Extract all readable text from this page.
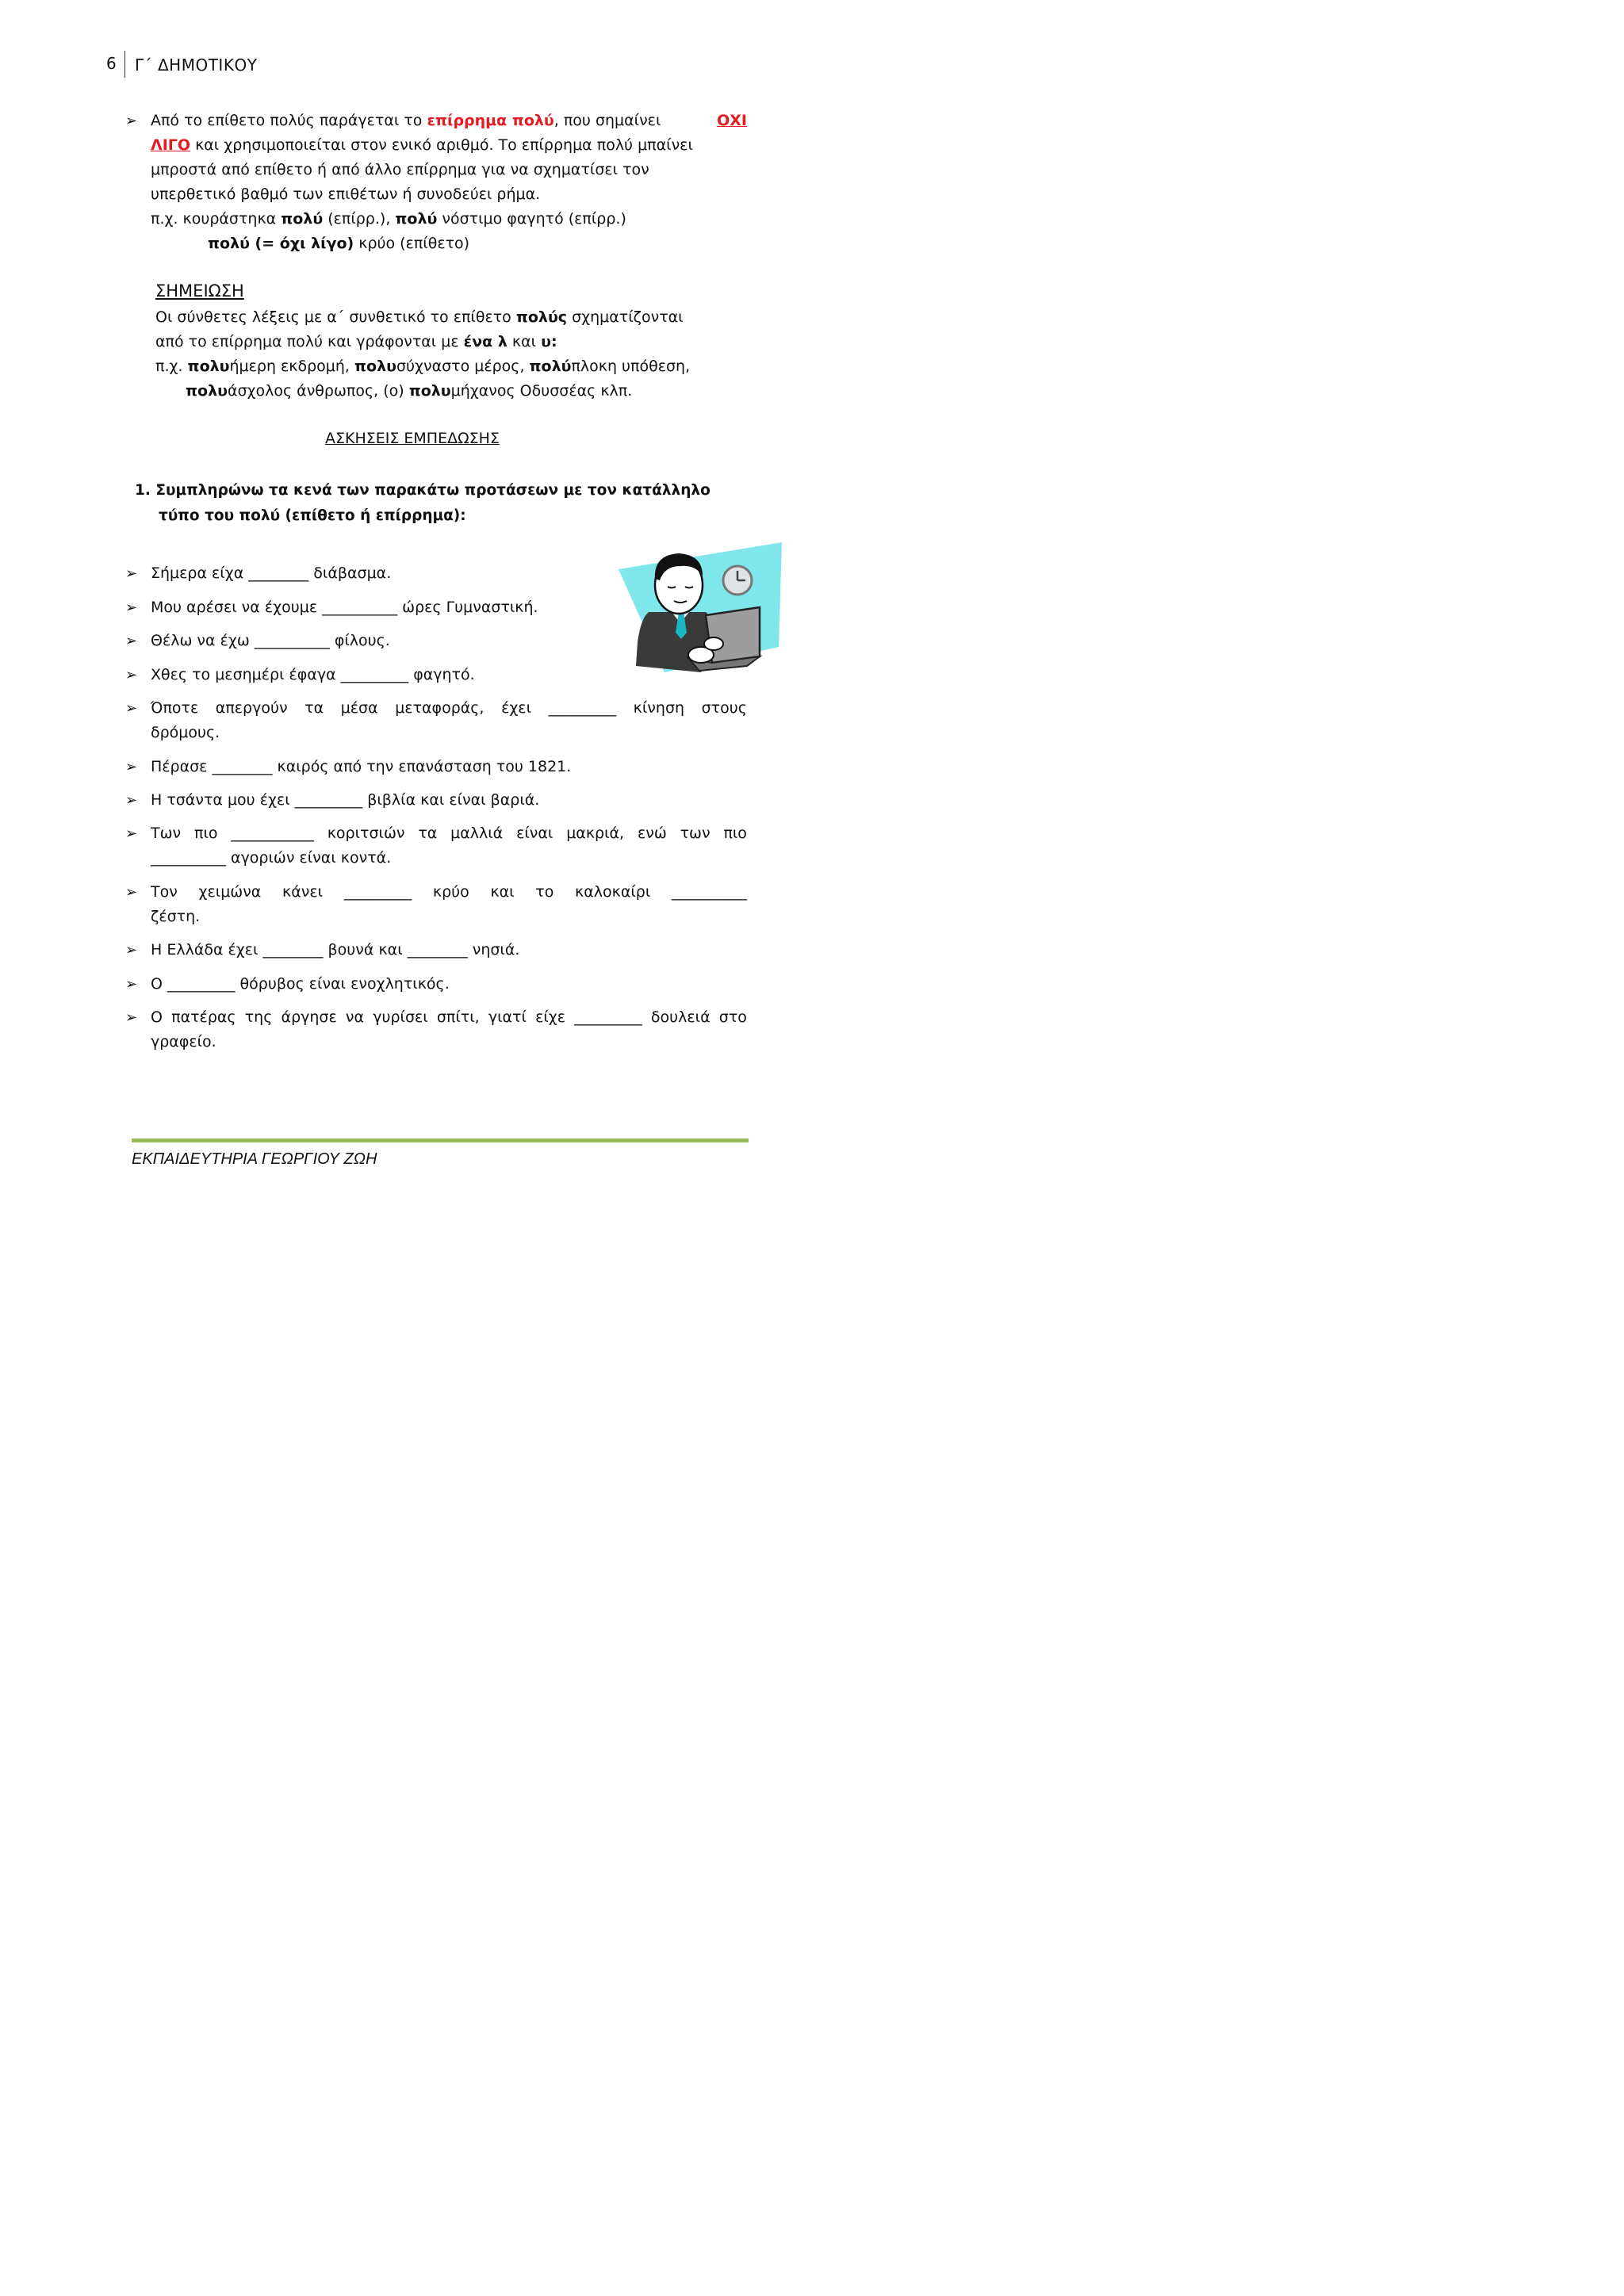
6 Γ΄ ΔΗΜΟΤΙΚΟΥ
➢ Από το επίθετο πολύς παράγεται το επίρρημα πολύ, που σημαίνει	ΟΧΙ
ΛΙΓΟ και χρησιμοποιείται στον ενικό αριθμό. Το επίρρημα πολύ μπαίνει
μπροστά από επίθετο ή από άλλο επίρρημα για να σχηματίσει τον
υπερθετικό βαθμό των επιθέτων ή συνοδεύει ρήμα.
π.χ. κουράστηκα πολύ (επίρρ.), πολύ νόστιμο φαγητό (επίρρ.)
πολύ (= όχι λίγο) κρύο (επίθετο)
ΣΗΜΕΙΩΣΗ
Οι σύνθετες λέξεις με α΄ συνθετικό το επίθετο πολύς σχηματίζονται
από το επίρρημα πολύ και γράφονται με ένα λ και υ:
π.χ. πολυήμερη εκδρομή, πολυσύχναστο μέρος, πολύπλοκη υπόθεση,
πολυάσχολος άνθρωπος, (ο) πολυμήχανος Οδυσσέας κλπ.
ΑΣΚΗΣΕΙΣ ΕΜΠΕΔΩΣΗΣ
1. Συμπληρώνω τα κενά των παρακάτω προτάσεων με τον κατάλληλο
τύπο του πολύ (επίθετο ή επίρρημα):
➢ Σήμερα είχα ________ διάβασμα.
➢ Μου αρέσει να έχουμε __________ ώρες Γυμναστική.
➢ Θέλω να έχω __________ φίλους.
➢ Χθες το μεσημέρι έφαγα _________ φαγητό.
➢ Όποτε απεργούν τα μέσα μεταφοράς, έχει _________ κίνηση στους
δρόμους.
➢ Πέρασε ________ καιρός από την επανάσταση του 1821.
➢ Η τσάντα μου έχει _________ βιβλία και είναι βαριά.
➢ Των πιο ___________ κοριτσιών τα μαλλιά είναι μακριά, ενώ των πιο
__________ αγοριών είναι κοντά.
➢ Τον χειμώνα κάνει _________ κρύο και το καλοκαίρι __________
ζέστη.
➢ Η Ελλάδα έχει ________ βουνά και ________ νησιά.
➢ Ο _________ θόρυβος είναι ενοχλητικός.
➢ Ο πατέρας της άργησε να γυρίσει σπίτι, γιατί είχε _________ δουλειά στο
γραφείο.
ΕΚΠΑΙΔΕΥΤΗΡΙΑ ΓΕΩΡΓΙΟΥ ΖΩΗ
